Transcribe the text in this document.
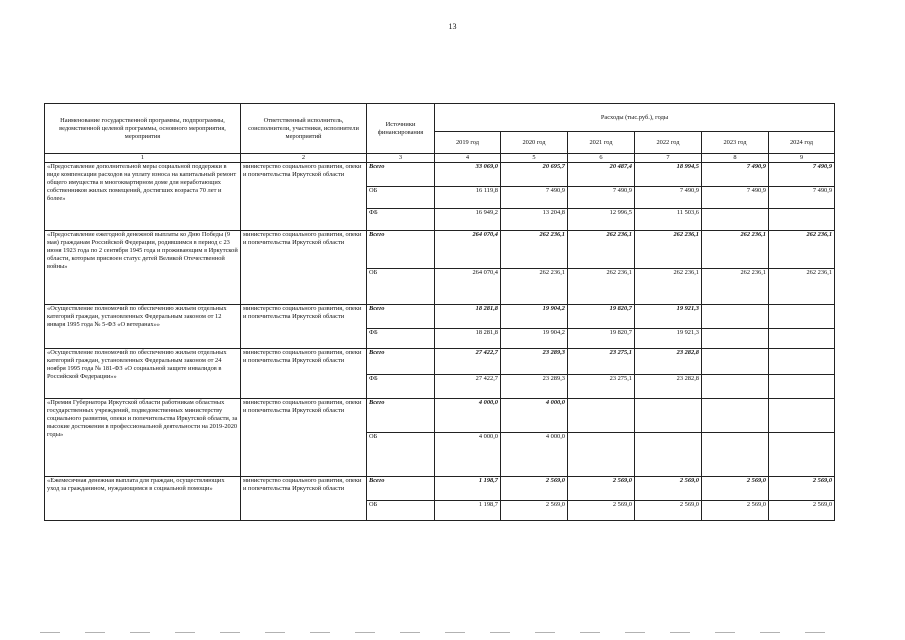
13
Наименование государственной программы, подпрограммы, ведомственной целевой программы, основного мероприятия, мероприятия	Ответственный исполнитель, соисполнители, участники, исполнители мероприятий	Источники финансирования	Расходы (тыс.руб.), годы					
			2019 год	2020 год	2021 год	2022 год	2023 год	2024 год
1	2	3	4	5	6	7	8	9
«Предоставление дополнительной меры социальной поддержки в виде компенсации расходов на уплату взноса на капитальный ремонт общего имущества в многоквартирном доме для неработающих собственников жилых помещений, достигших возраста 70 лет и более»	министерство социального развития, опеки и попечительства Иркутской области	Всего	33 069,0	20 695,7	20 487,4	18 994,5	7 490,9	7 490,9
		ОБ	16 119,8	7 490,9	7 490,9	7 490,9	7 490,9	7 490,9
		ФБ	16 949,2	13 204,8	12 996,5	11 503,6		
«Предоставление ежегодной денежной выплаты ко Дню Победы (9 мая) гражданам Российской Федерации, родившимся в период с 23 июня 1923 года по 2 сентября 1945 года и проживающим в Иркутской области, которым присвоен статус детей Великой Отечественной войны»	министерство социального развития, опеки и попечительства Иркутской области	Всего	264 070,4	262 236,1	262 236,1	262 236,1	262 236,1	262 236,1
		ОБ	264 070,4	262 236,1	262 236,1	262 236,1	262 236,1	262 236,1
«Осуществление полномочий по обеспечению жильем отдельных категорий граждан, установленных Федеральным законом от 12 января 1995 года № 5-ФЗ «О ветеранах»»	министерство социального развития, опеки и попечительства Иркутской области	Всего	18 281,8	19 904,2	19 820,7	19 921,3		
		ФБ	18 281,8	19 904,2	19 820,7	19 921,3		
«Осуществление полномочий по обеспечению жильем отдельных категорий граждан, установленных Федеральным законом от 24 ноября 1995 года № 181-ФЗ «О социальной защите инвалидов в Российской Федерации»»	министерство социального развития, опеки и попечительства Иркутской области	Всего	27 422,7	23 289,3	23 275,1	23 282,8		
		ФБ	27 422,7	23 289,3	23 275,1	23 282,8		
«Премия Губернатора Иркутской области работникам областных государственных учреждений, подведомственных министерству социального развития, опеки и попечительства Иркутской области, за высокие достижения в профессиональной деятельности на 2019-2020 годы»	министерство социального развития, опеки и попечительства Иркутской области	Всего	4 000,0	4 000,0				
		ОБ	4 000,0	4 000,0				
«Ежемесячная денежная выплата для граждан, осуществляющих уход за гражданином, нуждающимся в социальной помощи»	министерство социального развития, опеки и попечительства Иркутской области	Всего	1 198,7	2 569,0	2 569,0	2 569,0	2 569,0	2 569,0
		ОБ	1 198,7	2 569,0	2 569,0	2 569,0	2 569,0	2 569,0
